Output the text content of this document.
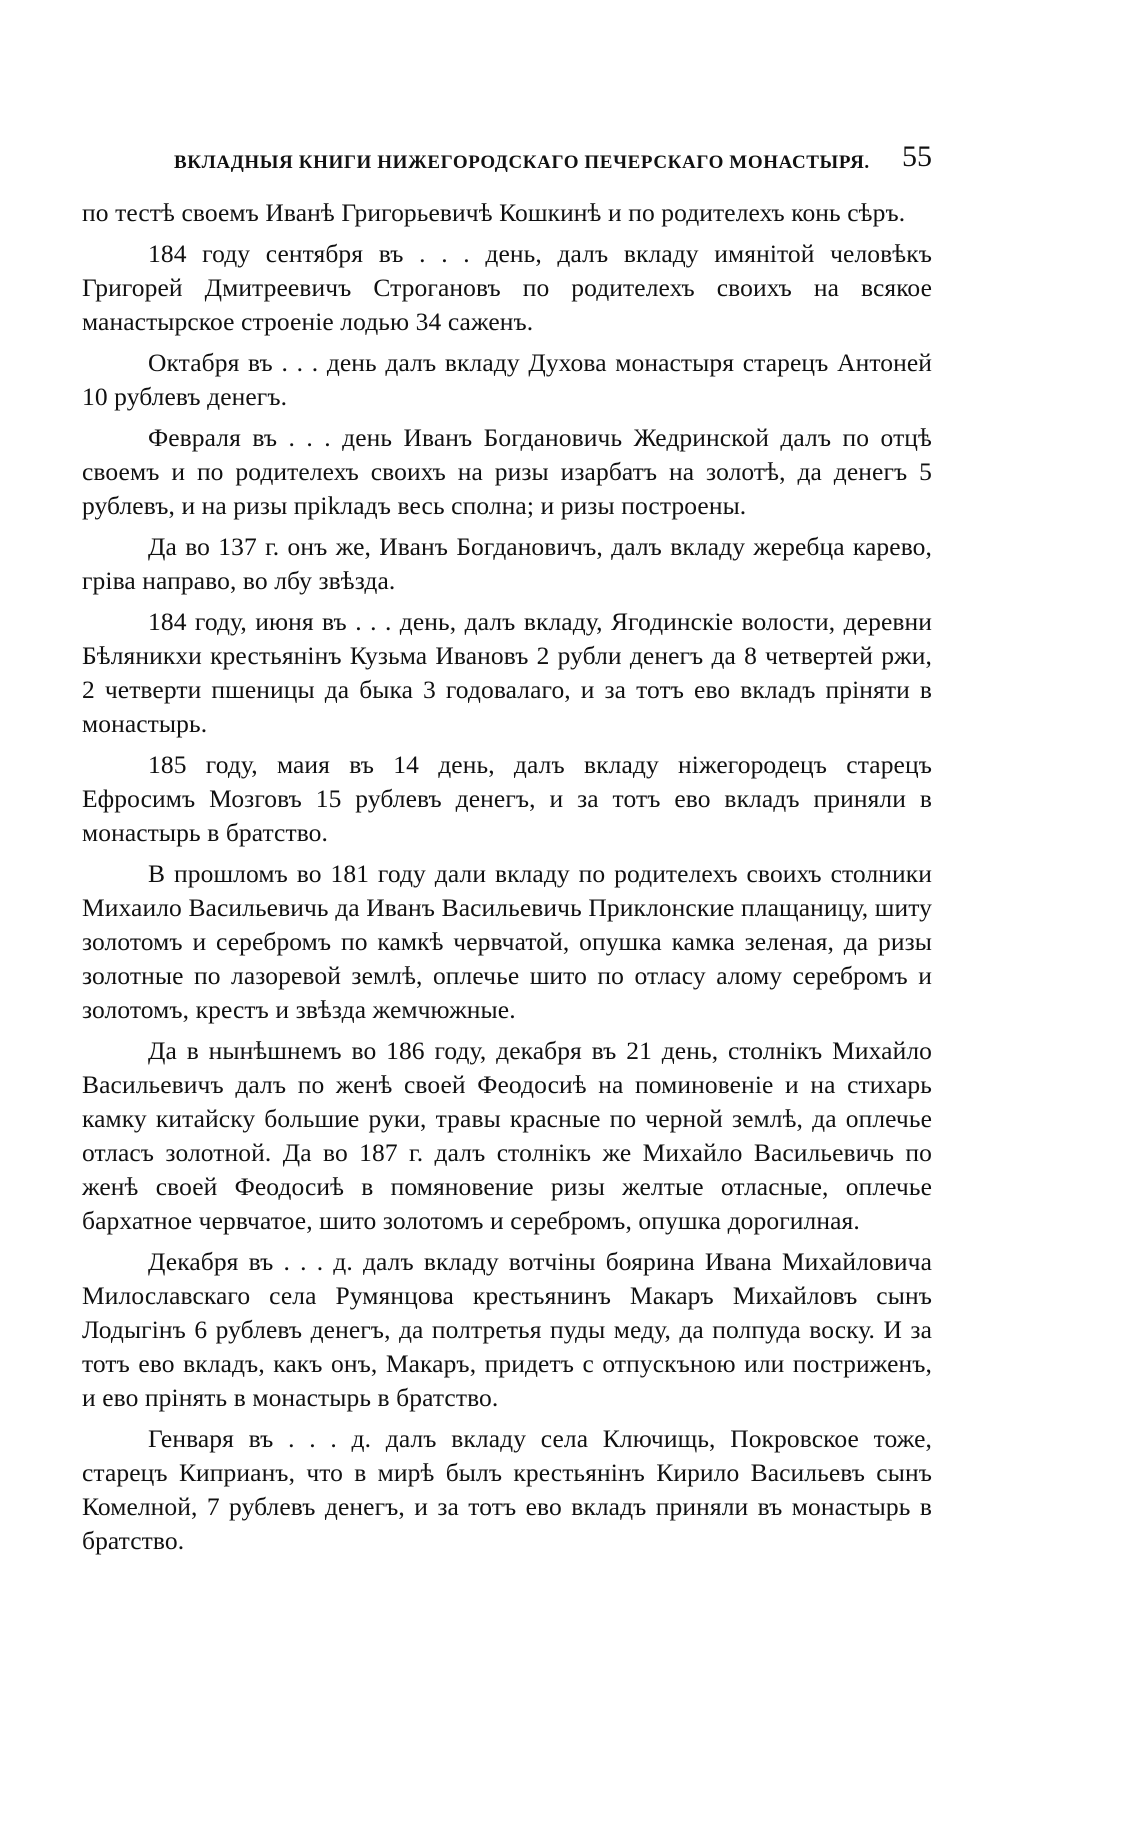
ВКЛАДНЫЯ КНИГИ НИЖЕГОРОДСКАГО ПЕЧЕРСКАГО МОНАСТЫРЯ. 55

по тестѣ своемъ Иванѣ Григорьевичѣ Кошкинѣ и по родителехъ конь сѣръ.

184 году сентября въ . . . день, далъ вкладу имянітой человѣкъ Григорей Дмитреевичъ Строгановъ по родителехъ своихъ на всякое манастырское строеніе лодью 34 саженъ.

Октабря въ . . . день далъ вкладу Духова монастыря старецъ Антоней 10 рублевъ денегъ.

Февраля въ . . . день Иванъ Богдановичь Жедринской далъ по отцѣ своемъ и по родителехъ своихъ на ризы изарбатъ на золотѣ, да денегъ 5 рублевъ, и на ризы пріkладъ весь сполна; и ризы построены.

Да во 137 г. онъ же, Иванъ Богдановичъ, далъ вкладу жеребца карево, гріва направо, во лбу звѣзда.

184 году, июня въ . . . день, далъ вкладу, Ягодинскіе волости, деревни Бѣляникхи крестьянінъ Кузьма Ивановъ 2 рубли денегъ да 8 четвертей ржи, 2 четверти пшеницы да быка 3 годовалаго, и за тотъ ево вкладъ пріняти в монастырь.

185 году, маия въ 14 день, далъ вкладу ніжегородецъ старецъ Ефросимъ Мозговъ 15 рублевъ денегъ, и за тотъ ево вкладъ приняли в монастырь в братство.

В прошломъ во 181 году дали вкладу по родителехъ своихъ столники Михаило Васильевичь да Иванъ Васильевичь Приклонские плащаницу, шиту золотомъ и серебромъ по камкѣ червчатой, опушка камка зеленая, да ризы золотные по лазоревой землѣ, оплечье шито по отласу алому серебромъ и золотомъ, крестъ и звѣзда жемчюжные.

Да в нынѣшнемъ во 186 году, декабря въ 21 день, столнікъ Михайло Васильевичъ далъ по женѣ своей Феодосиѣ на поминовеніе и на стихарь камку китайску большие руки, травы красные по черной землѣ, да оплечье отласъ золотной. Да во 187 г. далъ столнікъ же Михайло Васильевичь по женѣ своей Феодосиѣ в помяновение ризы желтые отласные, оплечье бархатное червчатое, шито золотомъ и серебромъ, опушка дорогилная.

Декабря въ . . . д. далъ вкладу вотчіны боярина Ивана Михайловича Милославскаго села Румянцова крестьянинъ Макаръ Михайловъ сынъ Лодыгінъ 6 рублевъ денегъ, да полтретья пуды меду, да полпуда воску. И за тотъ ево вкладъ, какъ онъ, Макаръ, придетъ с отпускъною или постриженъ, и ево прінять в монастырь в братство.

Генваря въ . . . д. далъ вкладу села Ключищь, Покровское тоже, старецъ Киприанъ, что в мирѣ былъ крестьянінъ Кирило Васильевъ сынъ Комелной, 7 рублевъ денегъ, и за тотъ ево вкладъ приняли въ монастырь в братство.
